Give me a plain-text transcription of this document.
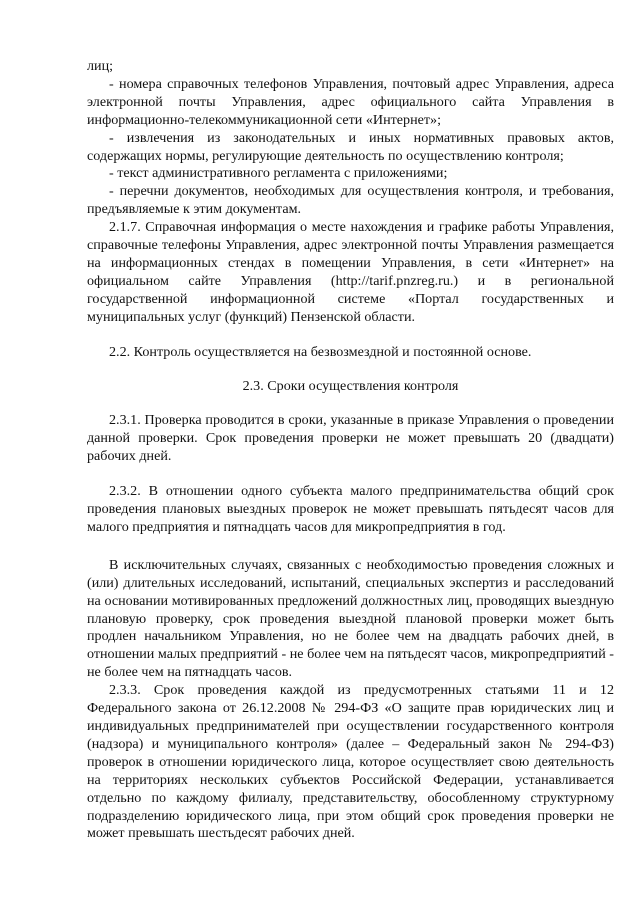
лиц;

- номера справочных телефонов Управления, почтовый адрес Управления, адреса электронной почты Управления, адрес официального сайта Управления в информационно-телекоммуникационной сети «Интернет»;

- извлечения из законодательных и иных нормативных правовых актов, содержащих нормы, регулирующие деятельность по осуществлению контроля;

- текст административного регламента с приложениями;

- перечни документов, необходимых для осуществления контроля, и требования, предъявляемые к этим документам.

2.1.7. Справочная информация о месте нахождения и графике работы Управления, справочные телефоны Управления, адрес электронной почты Управления размещается на информационных стендах в помещении Управления, в сети «Интернет» на официальном сайте Управления (http://tarif.pnzreg.ru.) и в региональной государственной информационной системе «Портал государственных и муниципальных услуг (функций) Пензенской области.

2.2. Контроль осуществляется на безвозмездной и постоянной основе.

2.3. Сроки осуществления контроля

2.3.1. Проверка проводится в сроки, указанные в приказе Управления о проведении данной проверки. Срок проведения проверки не может превышать 20 (двадцати) рабочих дней.

2.3.2. В отношении одного субъекта малого предпринимательства общий срок проведения плановых выездных проверок не может превышать пятьдесят часов для малого предприятия и пятнадцать часов для микропредприятия в год.

В исключительных случаях, связанных с необходимостью проведения сложных и (или) длительных исследований, испытаний, специальных экспертиз и расследований на основании мотивированных предложений должностных лиц, проводящих выездную плановую проверку, срок проведения выездной плановой проверки может быть продлен начальником Управления, но не более чем на двадцать рабочих дней, в отношении малых предприятий - не более чем на пятьдесят часов, микропредприятий - не более чем на пятнадцать часов.

2.3.3. Срок проведения каждой из предусмотренных статьями 11 и 12 Федерального закона от 26.12.2008 № 294-ФЗ «О защите прав юридических лиц и индивидуальных предпринимателей при осуществлении государственного контроля (надзора) и муниципального контроля» (далее – Федеральный закон № 294-ФЗ) проверок в отношении юридического лица, которое осуществляет свою деятельность на территориях нескольких субъектов Российской Федерации, устанавливается отдельно по каждому филиалу, представительству, обособленному структурному подразделению юридического лица, при этом общий срок проведения проверки не может превышать шестьдесят рабочих дней.
